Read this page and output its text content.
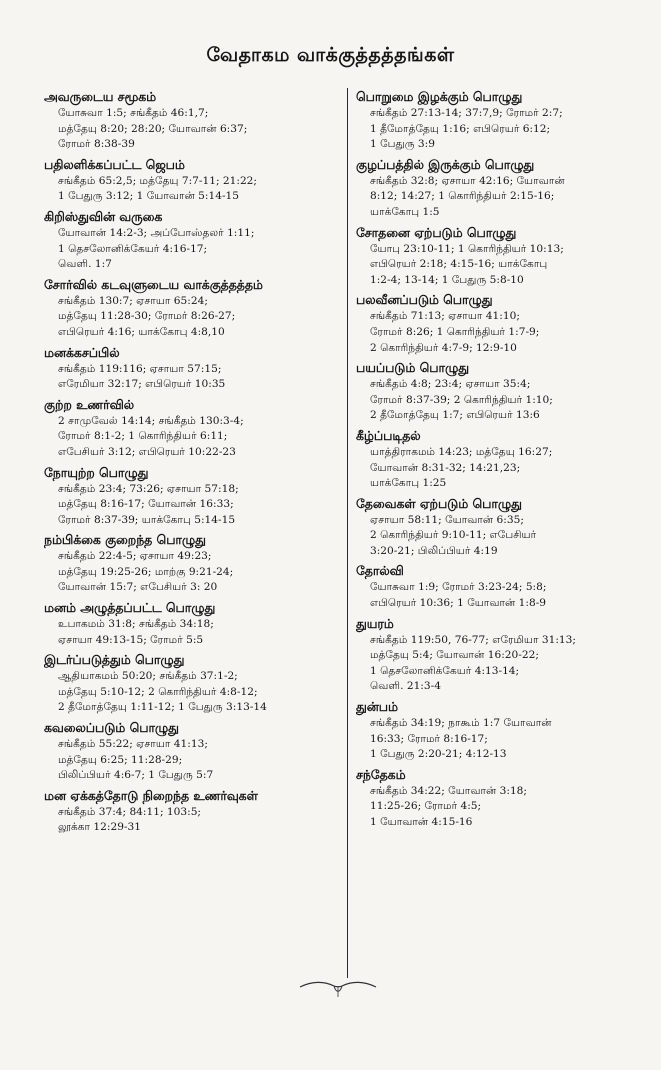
வேதாகம வாக்குத்தத்தங்கள்
அவருடைய சமூகம்
யோசுவா 1:5; சங்கீதம் 46:1,7;
மத்தேயு 8:20; 28:20; யோவான் 6:37;
ரோமர் 8:38-39
பதிலளிக்கப்பட்ட ஜெபம்
சங்கீதம் 65:2,5; மத்தேயு 7:7-11; 21:22;
1 பேதுரு 3:12; 1 யோவான் 5:14-15
கிறிஸ்துவின் வருகை
யோவான் 14:2-3; அப்போஸ்தலர் 1:11;
1 தெசலோனிக்கேயர் 4:16-17;
வெளி. 1:7
சோர்வில் கடவுளுடைய வாக்குத்தத்தம்
சங்கீதம் 130:7; ஏசாயா 65:24;
மத்தேயு 11:28-30; ரோமர் 8:26-27;
எபிரெயர் 4:16; யாக்கோபு 4:8,10
மனக்கசப்பில்
சங்கீதம் 119:116; ஏசாயா 57:15;
எரேமியா 32:17; எபிரெயர் 10:35
குற்ற உணர்வில்
2 சாமுவேல் 14:14; சங்கீதம் 130:3-4;
ரோமர் 8:1-2; 1 கொரிந்தியர் 6:11;
எபேசியர் 3:12; எபிரெயர் 10:22-23
நோயுற்ற பொழுது
சங்கீதம் 23:4; 73:26; ஏசாயா 57:18;
மத்தேயு 8:16-17; யோவான் 16:33;
ரோமர் 8:37-39; யாக்கோபு 5:14-15
நம்பிக்கை குறைந்த பொழுது
சங்கீதம் 22:4-5; ஏசாயா 49:23;
மத்தேயு 19:25-26; மாற்கு 9:21-24;
யோவான் 15:7; எபேசியர் 3: 20
மனம் அழுத்தப்பட்ட பொழுது
உபாகமம் 31:8; சங்கீதம் 34:18;
ஏசாயா 49:13-15; ரோமர் 5:5
இடர்ப்படுத்தும் பொழுது
ஆதியாகமம் 50:20; சங்கீதம் 37:1-2;
மத்தேயு 5:10-12; 2 கொரிந்தியர் 4:8-12;
2 தீமோத்தேயு 1:11-12; 1 பேதுரு 3:13-14
கவலைப்படும் பொழுது
சங்கீதம் 55:22; ஏசாயா 41:13;
மத்தேயு 6:25; 11:28-29;
பிலிப்பியர் 4:6-7; 1 பேதுரு 5:7
மன ஏக்கத்தோடு நிறைந்த உணர்வுகள்
சங்கீதம் 37:4; 84:11; 103:5;
லூக்கா 12:29-31
பொறுமை இழக்கும் பொழுது
சங்கீதம் 27:13-14; 37:7,9; ரோமர் 2:7;
1 தீமோத்தேயு 1:16; எபிரெயர் 6:12;
1 பேதுரு 3:9
குழப்பத்தில் இருக்கும் பொழுது
சங்கீதம் 32:8; ஏசாயா 42:16; யோவான்
8:12; 14:27; 1 கொரிந்தியர் 2:15-16;
யாக்கோபு 1:5
சோதனை ஏற்படும் பொழுது
யோபு 23:10-11; 1 கொரிந்தியர் 10:13;
எபிரெயர் 2:18; 4:15-16; யாக்கோபு
1:2-4; 13-14; 1 பேதுரு 5:8-10
பலவீனப்படும் பொழுது
சங்கீதம் 71:13; ஏசாயா 41:10;
ரோமர் 8:26; 1 கொரிந்தியர் 1:7-9;
2 கொரிந்தியர் 4:7-9; 12:9-10
பயப்படும் பொழுது
சங்கீதம் 4:8; 23:4; ஏசாயா 35:4;
ரோமர் 8:37-39; 2 கொரிந்தியர் 1:10;
2 தீமோத்தேயு 1:7; எபிரெயர் 13:6
கீழ்ப்படிதல்
யாத்திராகமம் 14:23; மத்தேயு 16:27;
யோவான் 8:31-32; 14:21,23;
யாக்கோபு 1:25
தேவைகள் ஏற்படும் பொழுது
ஏசாயா 58:11; யோவான் 6:35;
2 கொரிந்தியர் 9:10-11; எபேசியர்
3:20-21; பிலிப்பியர் 4:19
தோல்வி
யோசுவா 1:9; ரோமர் 3:23-24; 5:8;
எபிரெயர் 10:36; 1 யோவான் 1:8-9
துயரம்
சங்கீதம் 119:50, 76-77; எரேமியா 31:13;
மத்தேயு 5:4; யோவான் 16:20-22;
1 தெசலோனிக்கேயர் 4:13-14;
வெளி. 21:3-4
துன்பம்
சங்கீதம் 34:19; நாகூம் 1:7 யோவான்
16:33; ரோமர் 8:16-17;
1 பேதுரு 2:20-21; 4:12-13
சந்தேகம்
சங்கீதம் 34:22; யோவான் 3:18;
11:25-26; ரோமர் 4:5;
1 யோவான் 4:15-16
